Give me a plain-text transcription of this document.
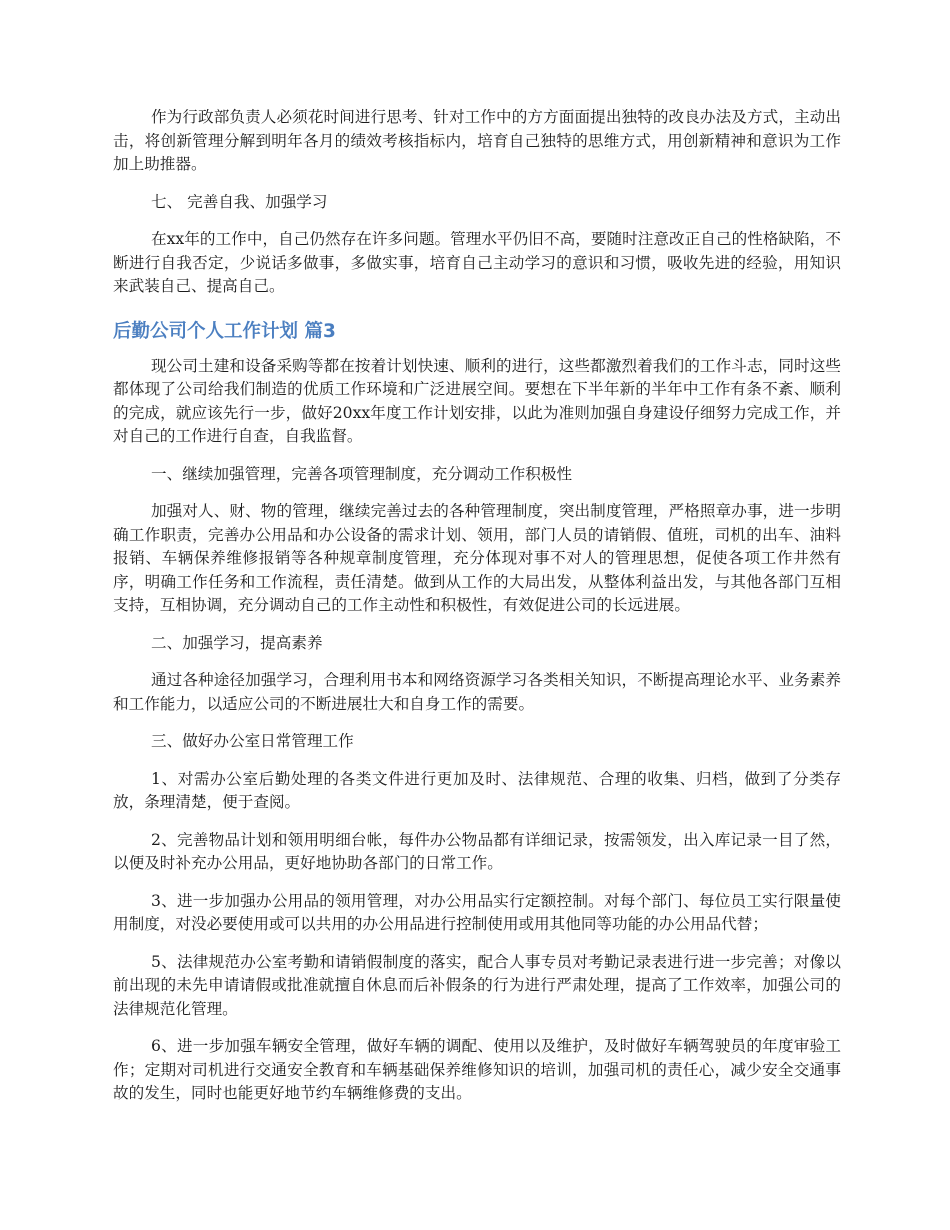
作为行政部负责人必须花时间进行思考、针对工作中的方方面面提出独特的改良办法及方式，主动出击，将创新管理分解到明年各月的绩效考核指标内，培育自己独特的思维方式，用创新精神和意识为工作加上助推器。

七、 完善自我、加强学习

在xx年的工作中，自己仍然存在许多问题。管理水平仍旧不高，要随时注意改正自己的性格缺陷，不断进行自我否定，少说话多做事，多做实事，培育自己主动学习的意识和习惯，吸收先进的经验，用知识来武装自己、提高自己。

后勤公司个人工作计划 篇3

现公司土建和设备采购等都在按着计划快速、顺利的进行，这些都激烈着我们的工作斗志，同时这些都体现了公司给我们制造的优质工作环境和广泛进展空间。要想在下半年新的半年中工作有条不紊、顺利的完成，就应该先行一步，做好20xx年度工作计划安排，以此为准则加强自身建设仔细努力完成工作，并对自己的工作进行自查，自我监督。

一、继续加强管理，完善各项管理制度，充分调动工作积极性

加强对人、财、物的管理，继续完善过去的各种管理制度，突出制度管理，严格照章办事，进一步明确工作职责，完善办公用品和办公设备的需求计划、领用，部门人员的请销假、值班，司机的出车、油料报销、车辆保养维修报销等各种规章制度管理，充分体现对事不对人的管理思想，促使各项工作井然有序，明确工作任务和工作流程，责任清楚。做到从工作的大局出发，从整体利益出发，与其他各部门互相支持，互相协调，充分调动自己的工作主动性和积极性，有效促进公司的长远进展。

二、加强学习，提高素养

通过各种途径加强学习，合理利用书本和网络资源学习各类相关知识，不断提高理论水平、业务素养和工作能力，以适应公司的不断进展壮大和自身工作的需要。

三、做好办公室日常管理工作

1、对需办公室后勤处理的各类文件进行更加及时、法律规范、合理的收集、归档，做到了分类存放，条理清楚，便于查阅。

2、完善物品计划和领用明细台帐，每件办公物品都有详细记录，按需领发，出入库记录一目了然，以便及时补充办公用品，更好地协助各部门的日常工作。

3、进一步加强办公用品的领用管理，对办公用品实行定额控制。对每个部门、每位员工实行限量使用制度，对没必要使用或可以共用的办公用品进行控制使用或用其他同等功能的办公用品代替；

5、法律规范办公室考勤和请销假制度的落实，配合人事专员对考勤记录表进行进一步完善；对像以前出现的未先申请请假或批准就擅自休息而后补假条的行为进行严肃处理，提高了工作效率，加强公司的法律规范化管理。

6、进一步加强车辆安全管理，做好车辆的调配、使用以及维护，及时做好车辆驾驶员的年度审验工作；定期对司机进行交通安全教育和车辆基础保养维修知识的培训，加强司机的责任心，减少安全交通事故的发生，同时也能更好地节约车辆维修费的支出。
